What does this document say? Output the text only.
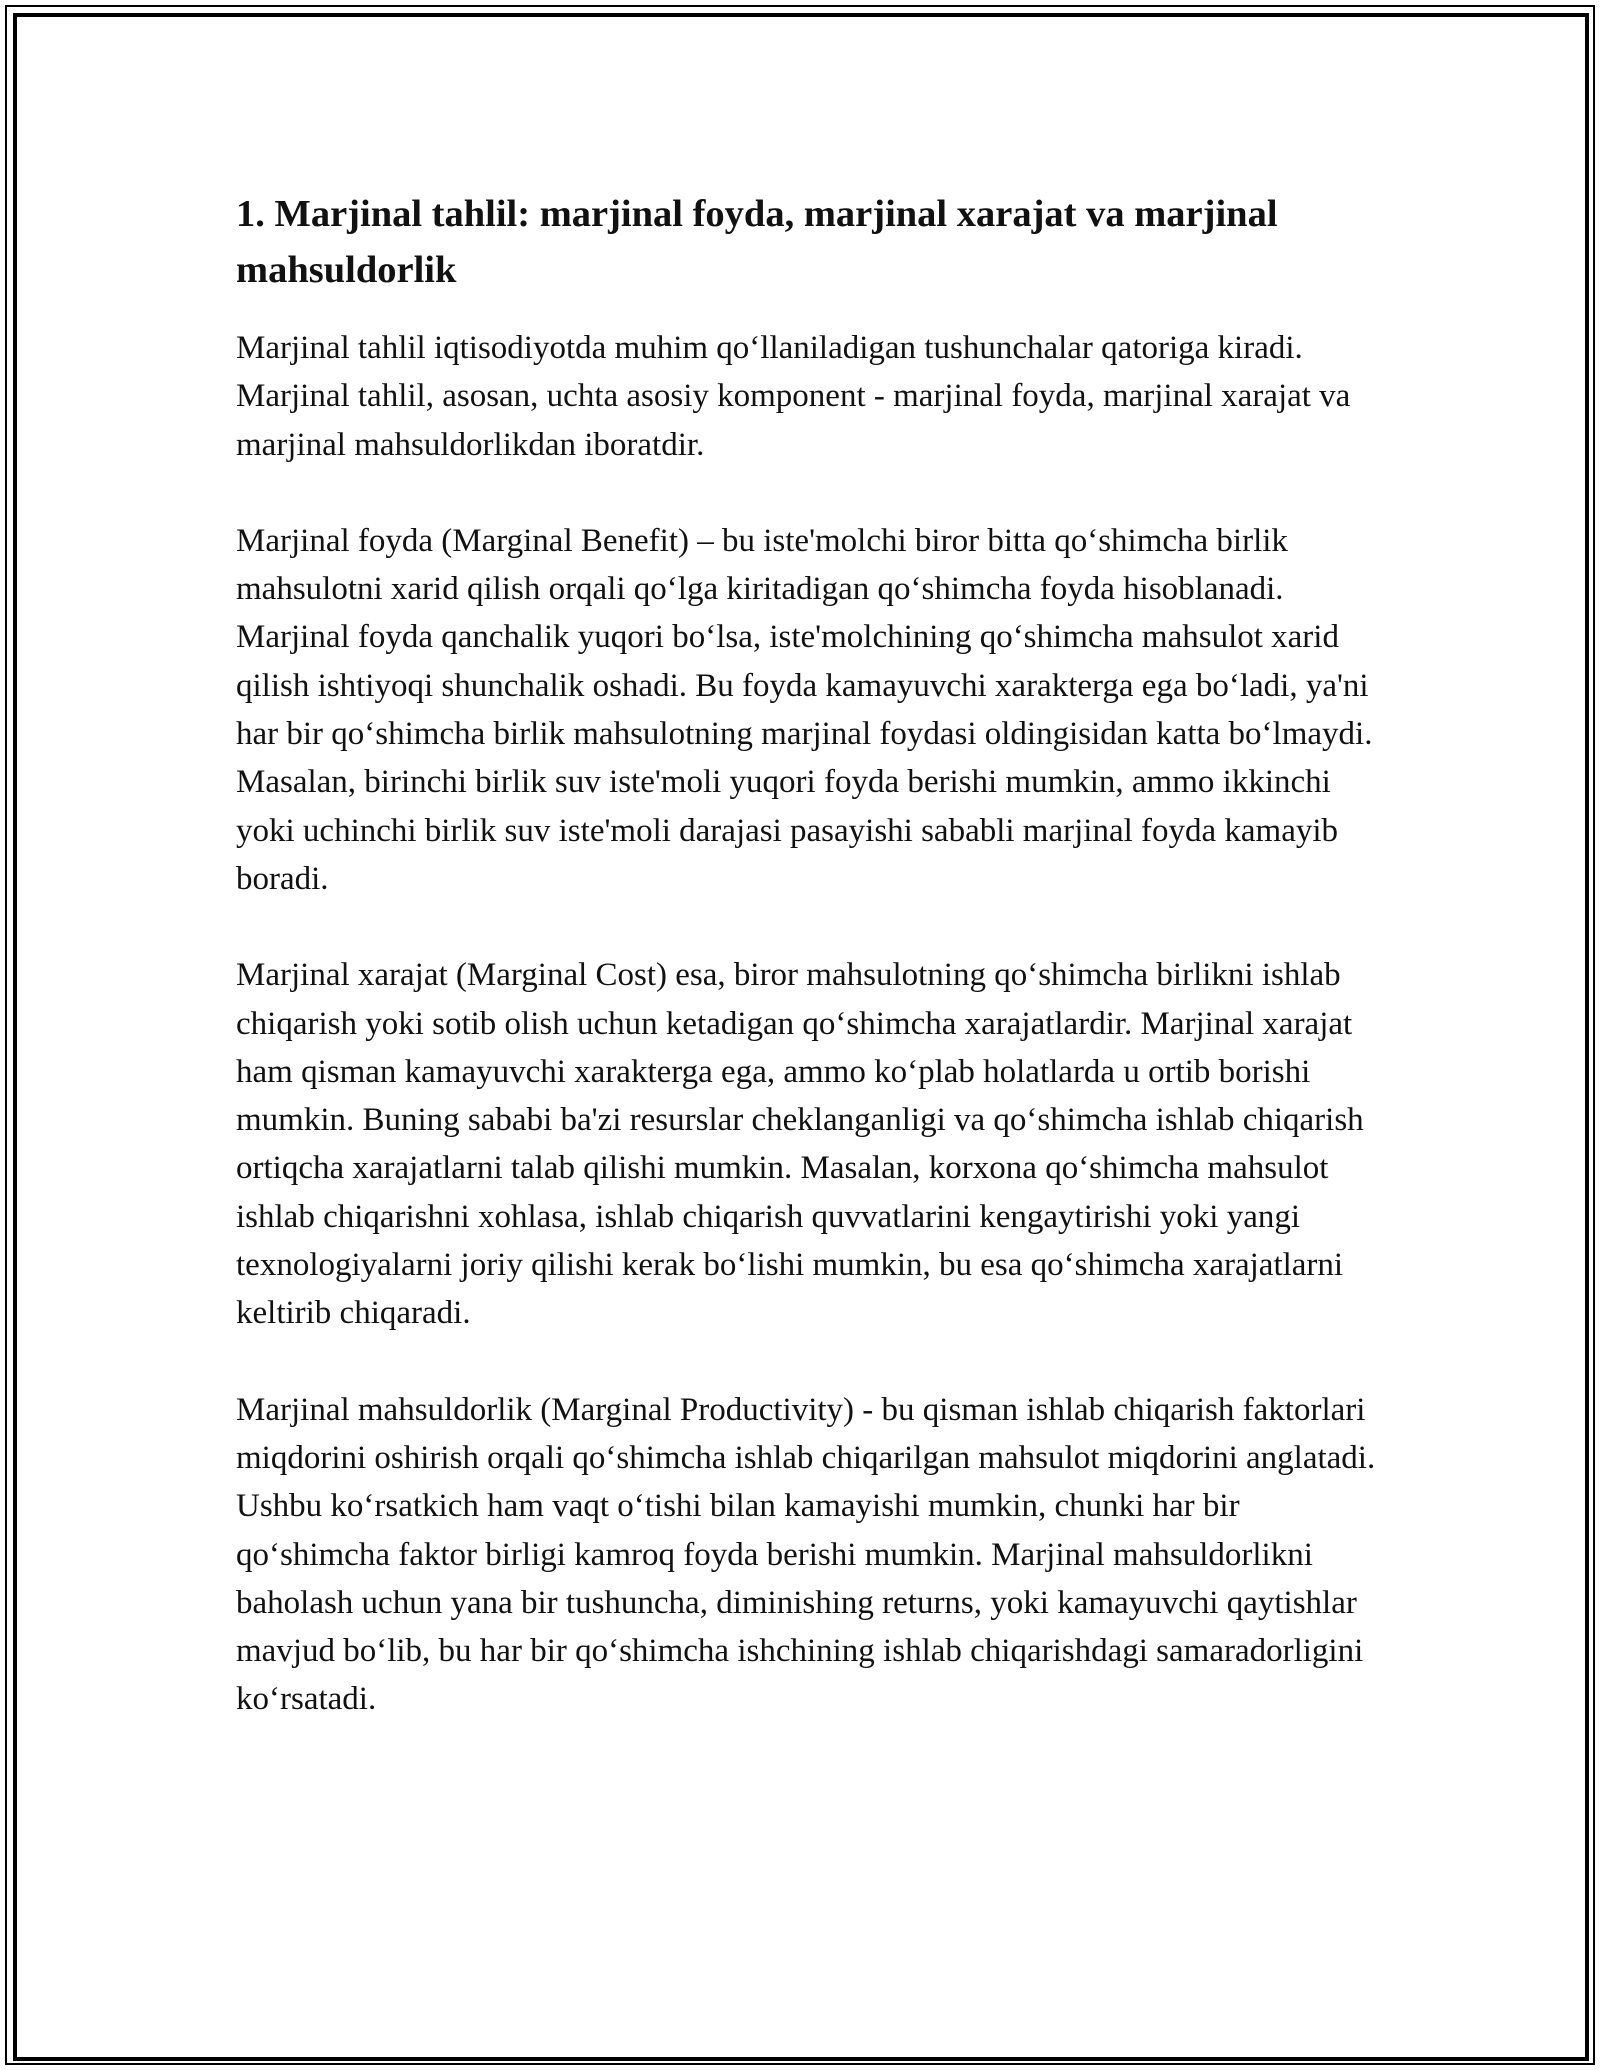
1. Marjinal tahlil: marjinal foyda, marjinal xarajat va marjinal mahsuldorlik

Marjinal tahlil iqtisodiyotda muhim qo‘llaniladigan tushunchalar qatoriga kiradi. Marjinal tahlil, asosan, uchta asosiy komponent - marjinal foyda, marjinal xarajat va marjinal mahsuldorlikdan iboratdir.

Marjinal foyda (Marginal Benefit) – bu iste'molchi biror bitta qo‘shimcha birlik mahsulotni xarid qilish orqali qo‘lga kiritadigan qo‘shimcha foyda hisoblanadi. Marjinal foyda qanchalik yuqori bo‘lsa, iste'molchining qo‘shimcha mahsulot xarid qilish ishtiyoqi shunchalik oshadi. Bu foyda kamayuvchi xarakterga ega bo‘ladi, ya'ni har bir qo‘shimcha birlik mahsulotning marjinal foydasi oldingisidan katta bo‘lmaydi. Masalan, birinchi birlik suv iste'moli yuqori foyda berishi mumkin, ammo ikkinchi yoki uchinchi birlik suv iste'moli darajasi pasayishi sababli marjinal foyda kamayib boradi.

Marjinal xarajat (Marginal Cost) esa, biror mahsulotning qo‘shimcha birlikni ishlab chiqarish yoki sotib olish uchun ketadigan qo‘shimcha xarajatlardir. Marjinal xarajat ham qisman kamayuvchi xarakterga ega, ammo ko‘plab holatlarda u ortib borishi mumkin. Buning sababi ba'zi resurslar cheklanganligi va qo‘shimcha ishlab chiqarish ortiqcha xarajatlarni talab qilishi mumkin. Masalan, korxona qo‘shimcha mahsulot ishlab chiqarishni xohlasa, ishlab chiqarish quvvatlarini kengaytirishi yoki yangi texnologiyalarni joriy qilishi kerak bo‘lishi mumkin, bu esa qo‘shimcha xarajatlarni keltirib chiqaradi.

Marjinal mahsuldorlik (Marginal Productivity) - bu qisman ishlab chiqarish faktorlari miqdorini oshirish orqali qo‘shimcha ishlab chiqarilgan mahsulot miqdorini anglatadi. Ushbu ko‘rsatkich ham vaqt o‘tishi bilan kamayishi mumkin, chunki har bir qo‘shimcha faktor birligi kamroq foyda berishi mumkin. Marjinal mahsuldorlikni baholash uchun yana bir tushuncha, diminishing returns, yoki kamayuvchi qaytishlar mavjud bo‘lib, bu har bir qo‘shimcha ishchining ishlab chiqarishdagi samaradorligini ko‘rsatadi.
